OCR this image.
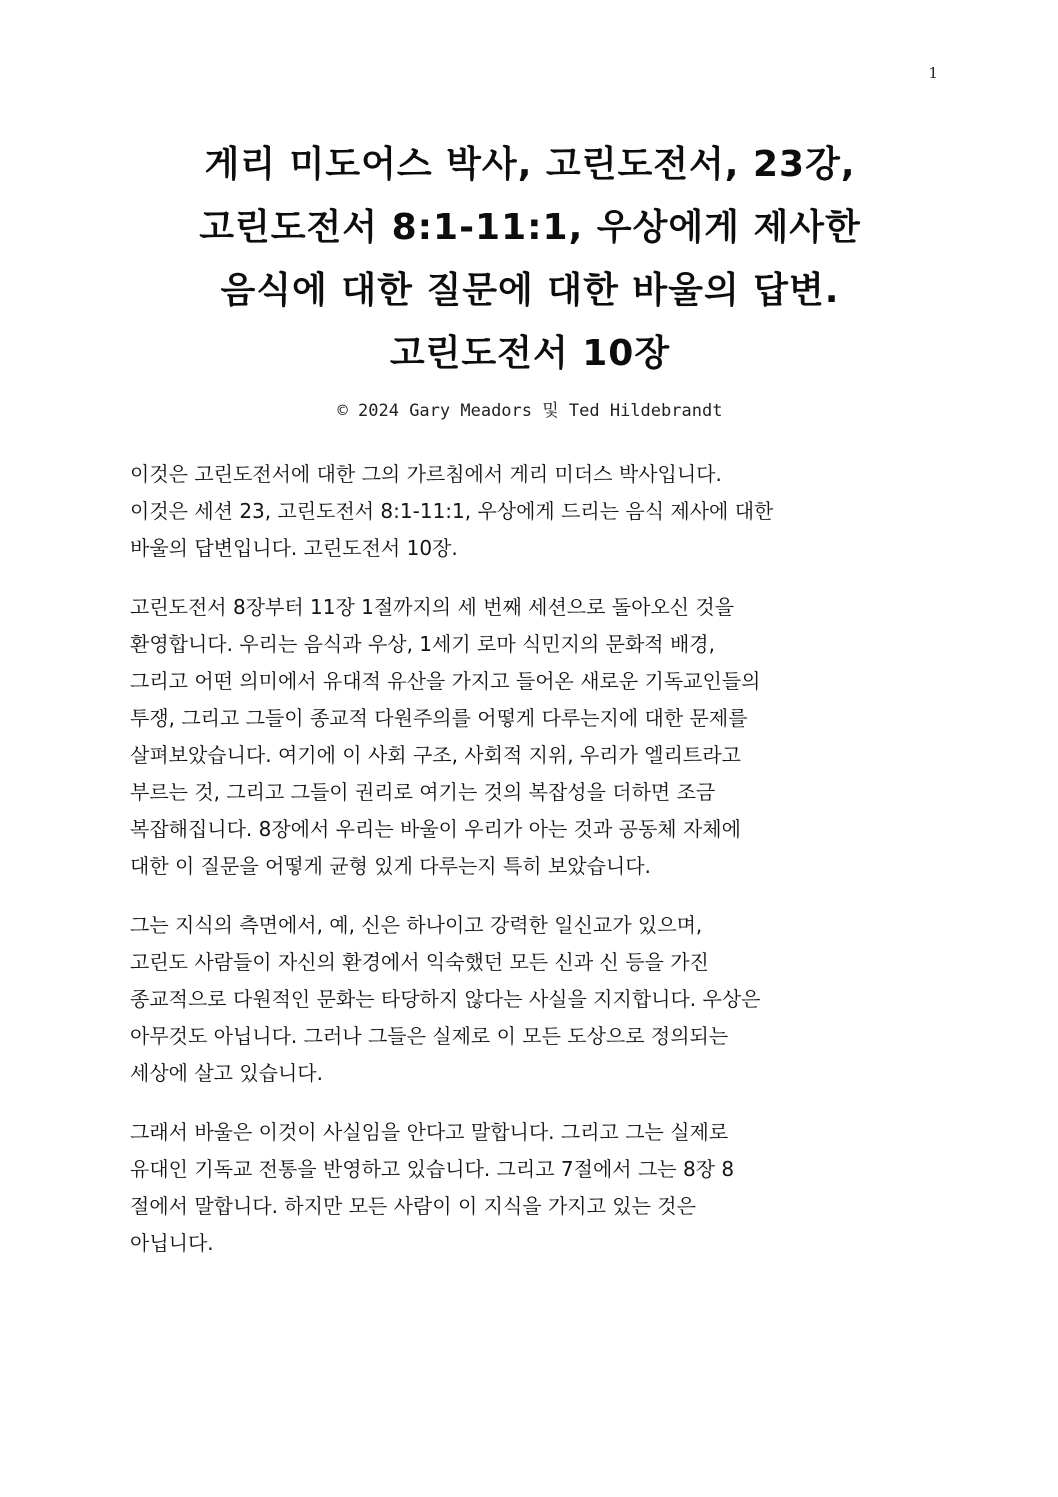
1
게리 미도어스 박사, 고린도전서, 23강,
고린도전서 8:1-11:1, 우상에게 제사한
음식에 대한 질문에 대한 바울의 답변.
고린도전서 10장
© 2024 Gary Meadors 및 Ted Hildebrandt

이것은 고린도전서에 대한 그의 가르침에서 게리 미더스 박사입니다.
이것은 세션 23, 고린도전서 8:1-11:1, 우상에게 드리는 음식 제사에 대한
바울의 답변입니다. 고린도전서 10장.

고린도전서 8장부터 11장 1절까지의 세 번째 세션으로 돌아오신 것을
환영합니다. 우리는 음식과 우상, 1세기 로마 식민지의 문화적 배경,
그리고 어떤 의미에서 유대적 유산을 가지고 들어온 새로운 기독교인들의
투쟁, 그리고 그들이 종교적 다원주의를 어떻게 다루는지에 대한 문제를
살펴보았습니다. 여기에 이 사회 구조, 사회적 지위, 우리가 엘리트라고
부르는 것, 그리고 그들이 권리로 여기는 것의 복잡성을 더하면 조금
복잡해집니다. 8장에서 우리는 바울이 우리가 아는 것과 공동체 자체에
대한 이 질문을 어떻게 균형 있게 다루는지 특히 보았습니다.

그는 지식의 측면에서, 예, 신은 하나이고 강력한 일신교가 있으며,
고린도 사람들이 자신의 환경에서 익숙했던 모든 신과 신 등을 가진
종교적으로 다원적인 문화는 타당하지 않다는 사실을 지지합니다. 우상은
아무것도 아닙니다. 그러나 그들은 실제로 이 모든 도상으로 정의되는
세상에 살고 있습니다.

그래서 바울은 이것이 사실임을 안다고 말합니다. 그리고 그는 실제로
유대인 기독교 전통을 반영하고 있습니다. 그리고 7절에서 그는 8장 8
절에서 말합니다. 하지만 모든 사람이 이 지식을 가지고 있는 것은
아닙니다.
